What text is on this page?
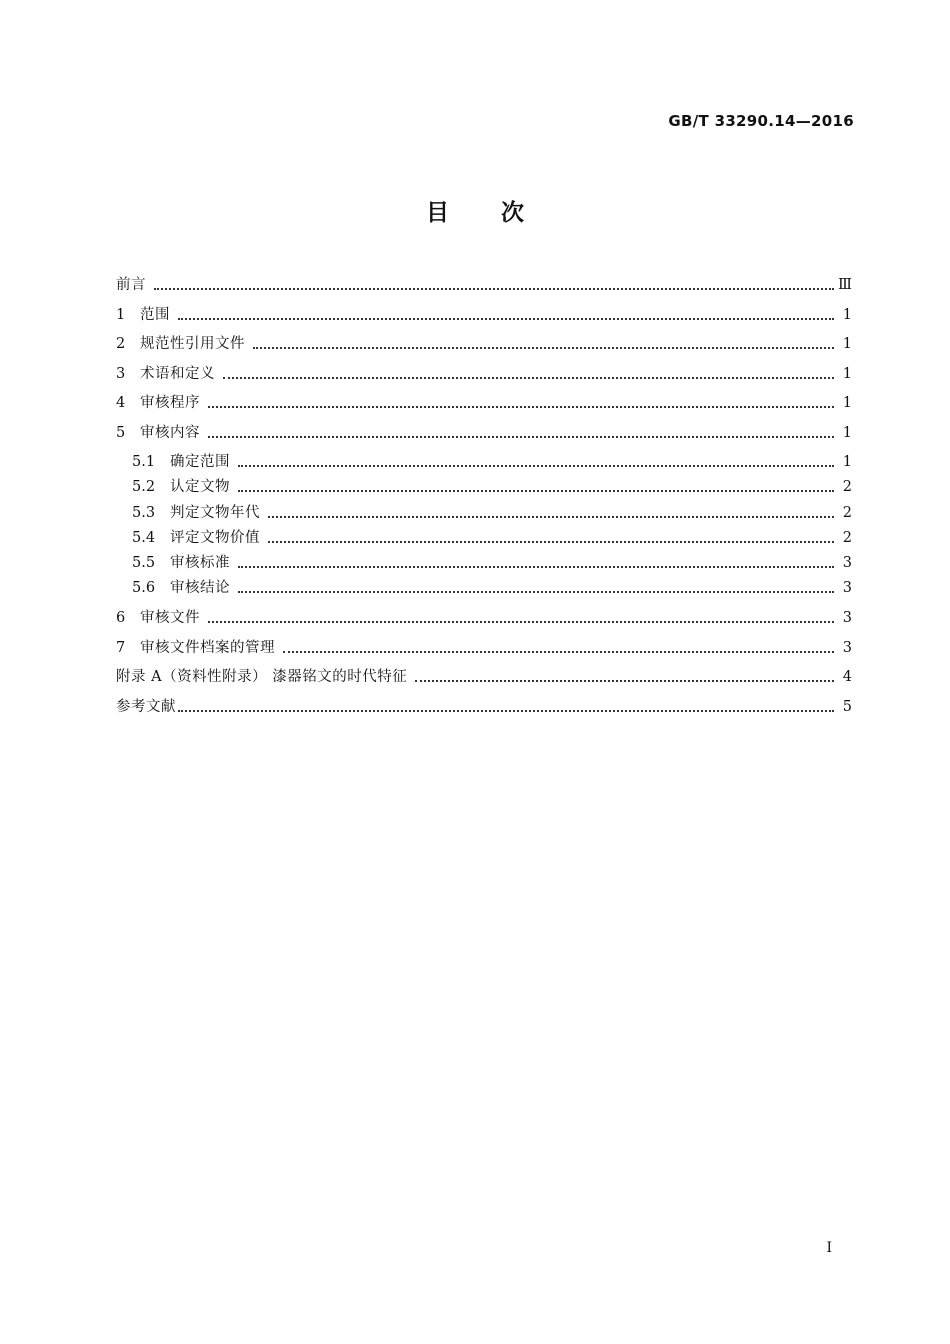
GB/T 33290.14—2016
目次
前言	Ⅲ
1	范围	1
2	规范性引用文件	1
3	术语和定义	1
4	审核程序	1
5	审核内容	1
5.1	确定范围	1
5.2	认定文物	2
5.3	判定文物年代	2
5.4	评定文物价值	2
5.5	审核标准	3
5.6	审核结论	3
6	审核文件	3
7	审核文件档案的管理	3
附录 A（资料性附录） 漆器铭文的时代特征	4
参考文献	5
I
